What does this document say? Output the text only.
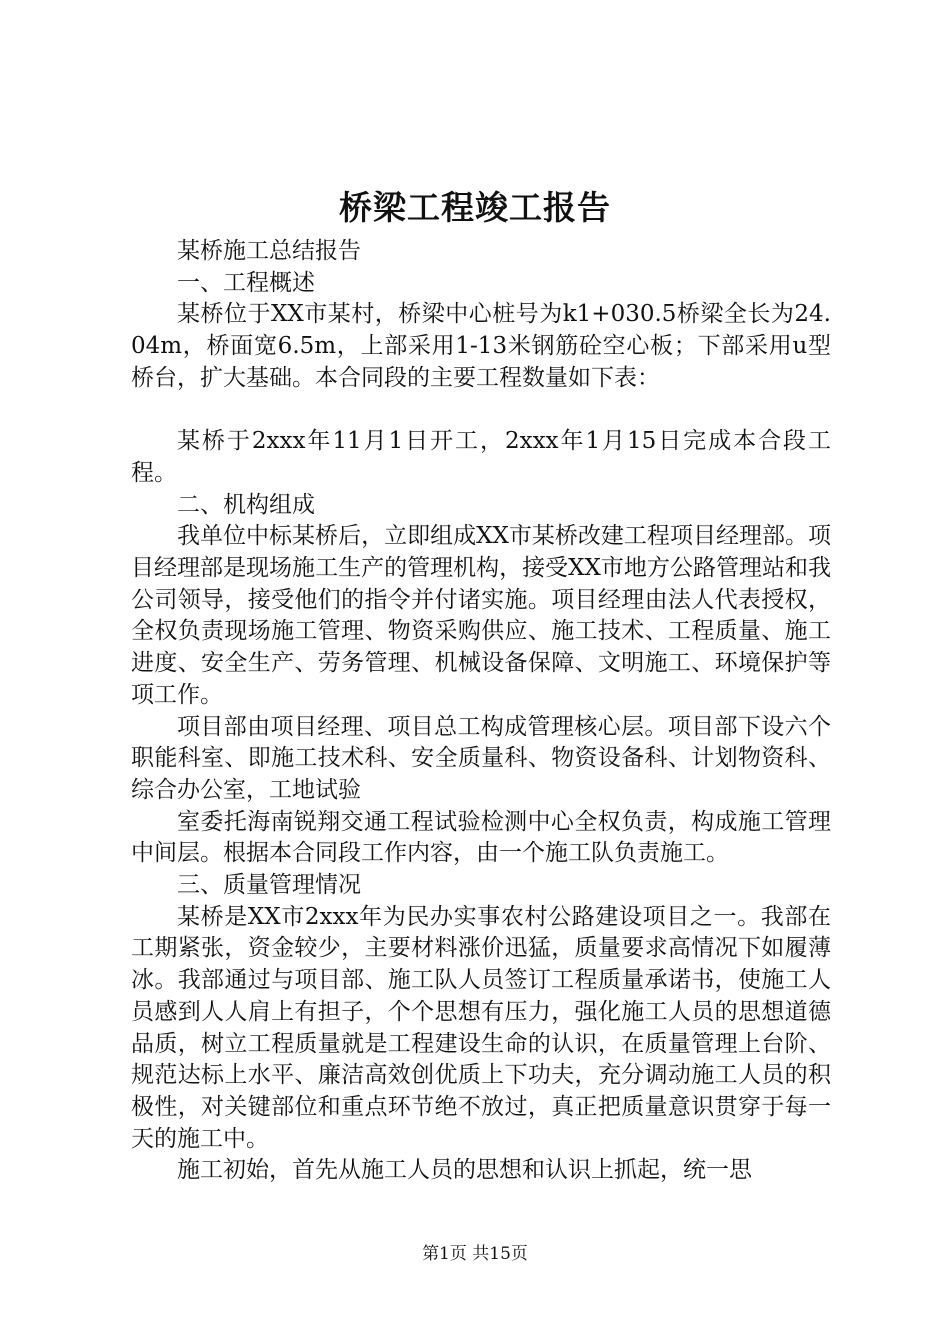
桥梁工程竣工报告

某桥施工总结报告

一、工程概述

某桥位于XX市某村，桥梁中心桩号为k1+030.5桥梁全长为24.04m，桥面宽6.5m，上部采用1-13米钢筋砼空心板；下部采用u型桥台，扩大基础。本合同段的主要工程数量如下表：

某桥于2xxx年11月1日开工，2xxx年1月15日完成本合段工程。

二、机构组成

我单位中标某桥后，立即组成XX市某桥改建工程项目经理部。项目经理部是现场施工生产的管理机构，接受XX市地方公路管理站和我公司领导，接受他们的指令并付诸实施。项目经理由法人代表授权，全权负责现场施工管理、物资采购供应、施工技术、工程质量、施工进度、安全生产、劳务管理、机械设备保障、文明施工、环境保护等项工作。

项目部由项目经理、项目总工构成管理核心层。项目部下设六个职能科室、即施工技术科、安全质量科、物资设备科、计划物资科、综合办公室，工地试验

室委托海南锐翔交通工程试验检测中心全权负责，构成施工管理中间层。根据本合同段工作内容，由一个施工队负责施工。

三、质量管理情况

某桥是XX市2xxx年为民办实事农村公路建设项目之一。我部在工期紧张，资金较少，主要材料涨价迅猛，质量要求高情况下如履薄冰。我部通过与项目部、施工队人员签订工程质量承诺书，使施工人员感到人人肩上有担子，个个思想有压力，强化施工人员的思想道德品质，树立工程质量就是工程建设生命的认识，在质量管理上台阶、规范达标上水平、廉洁高效创优质上下功夫，充分调动施工人员的积极性，对关键部位和重点环节绝不放过，真正把质量意识贯穿于每一天的施工中。

施工初始，首先从施工人员的思想和认识上抓起，统一思

第1页 共15页
